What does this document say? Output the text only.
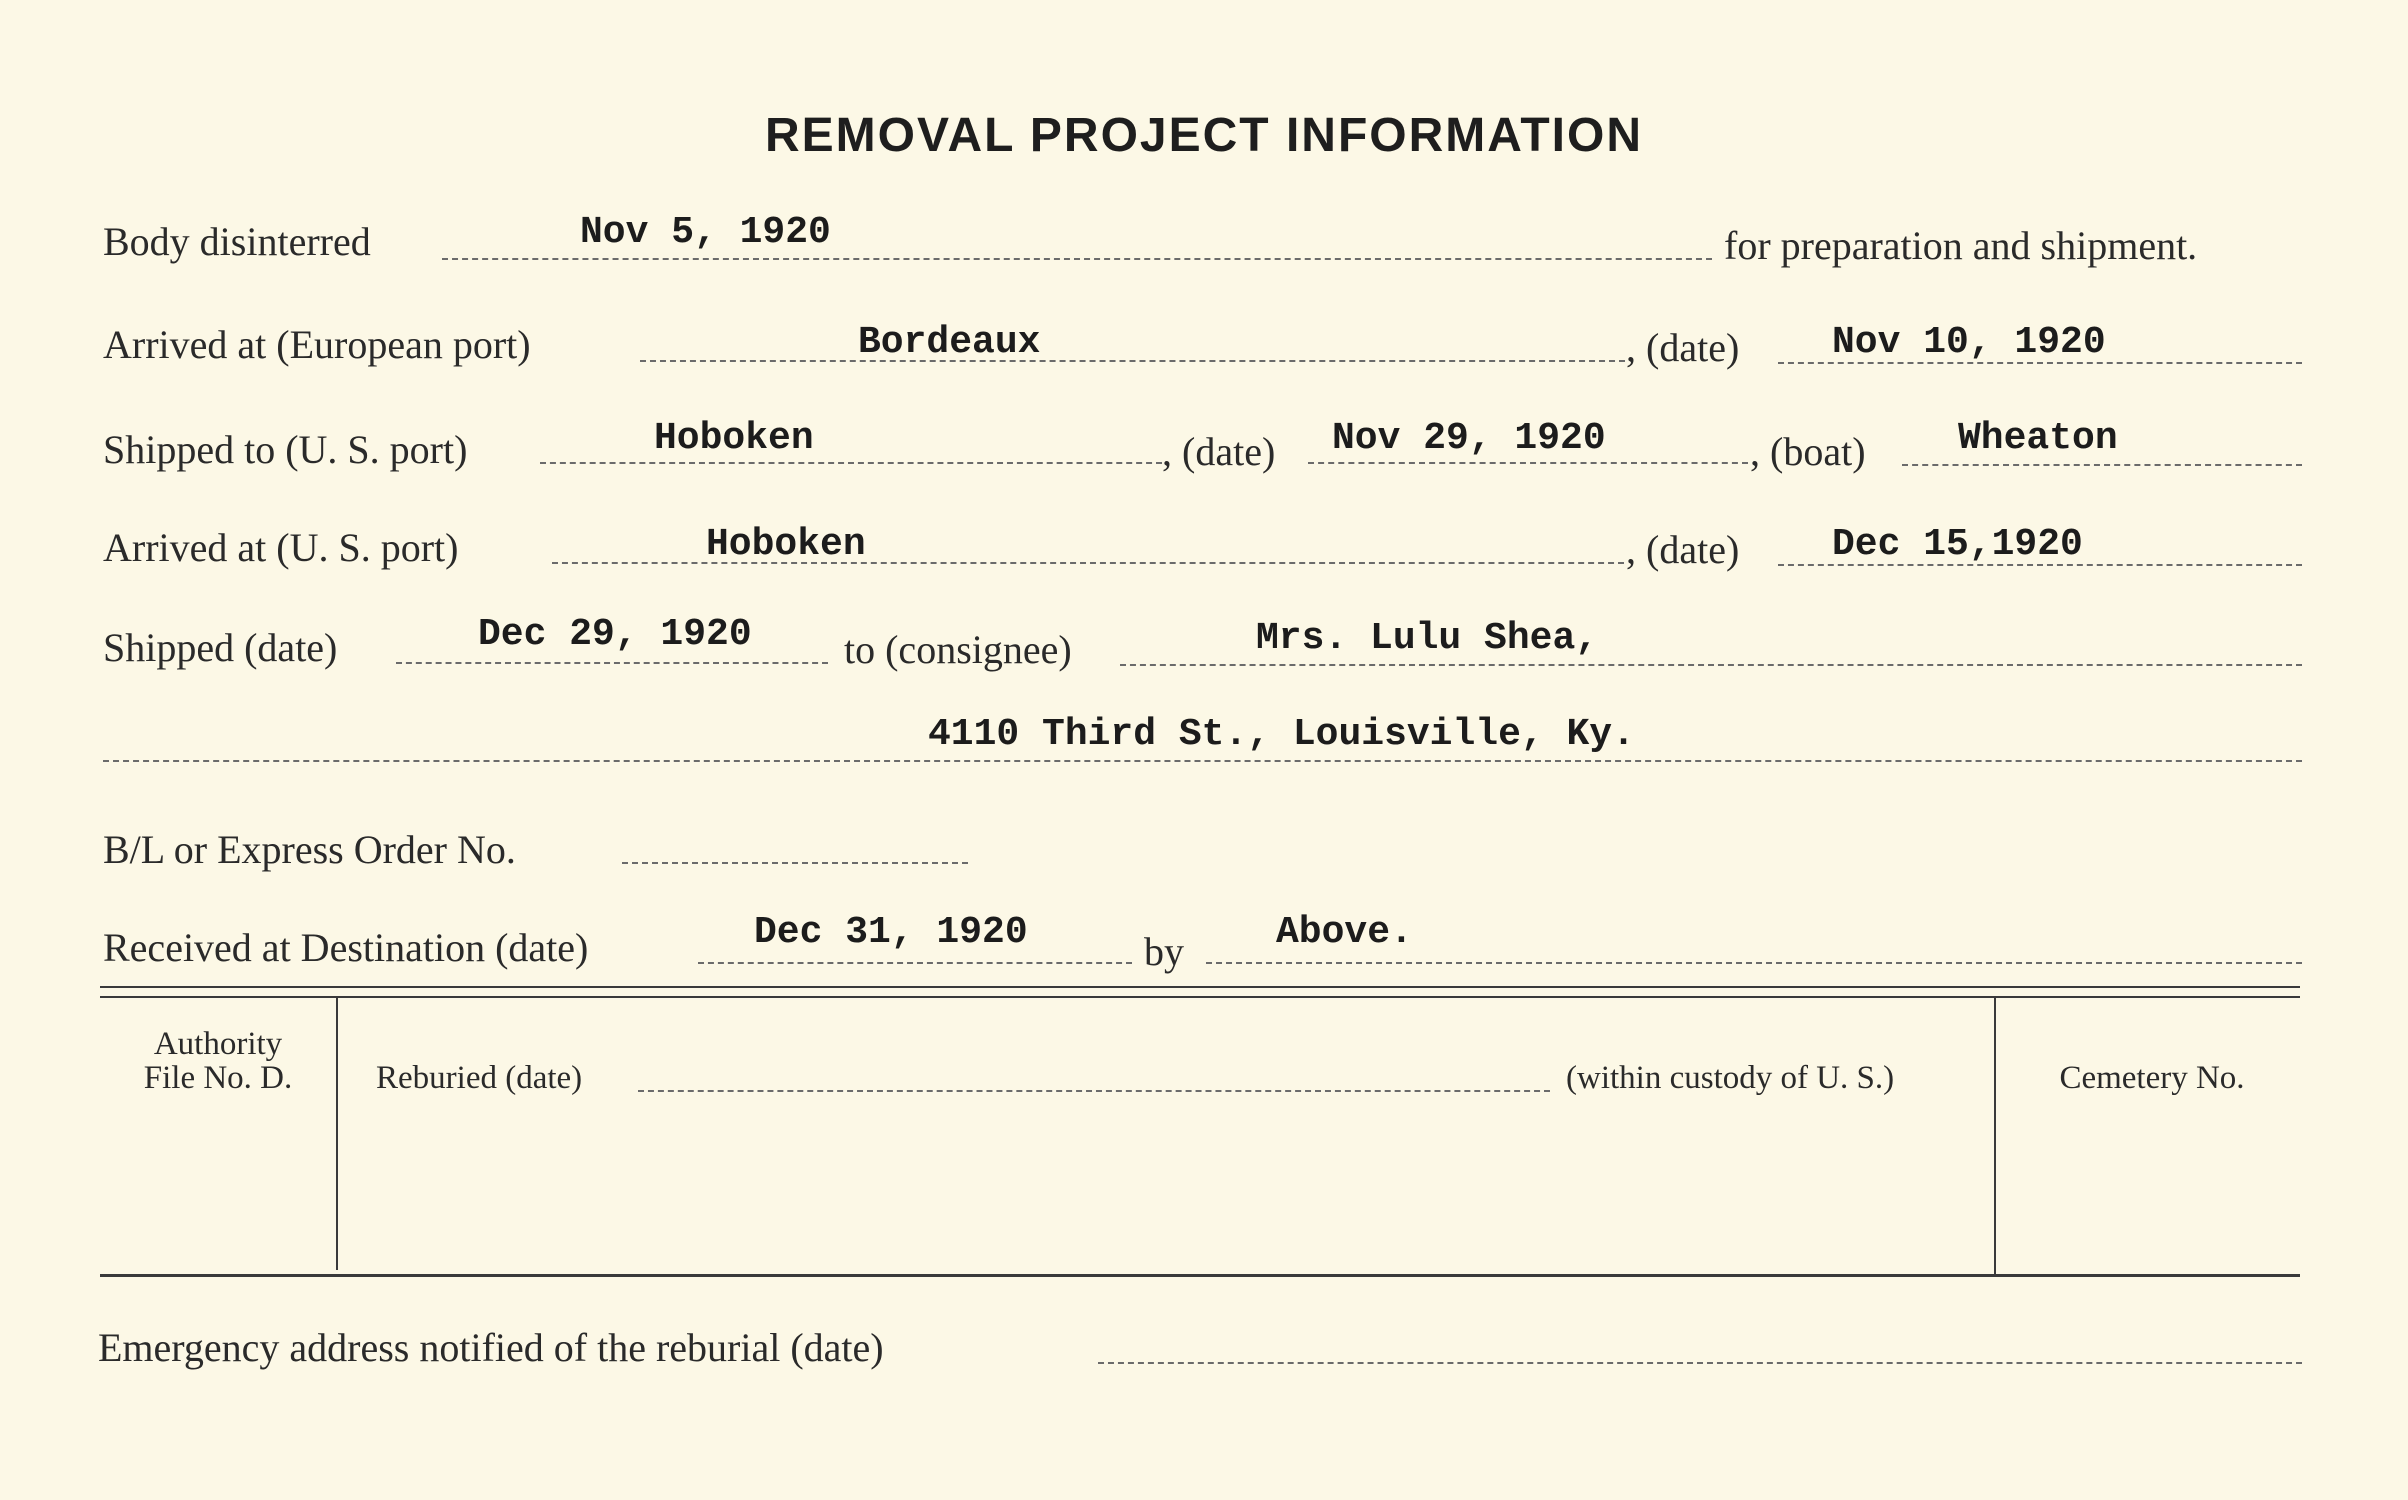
REMOVAL PROJECT INFORMATION
Body disinterred	Nov 5, 1920	for preparation and shipment.
Arrived at (European port)	Bordeaux	, (date) Nov 10, 1920
Shipped to (U. S. port)	Hoboken	, (date) Nov 29, 1920	, (boat) Wheaton
Arrived at (U. S. port)	Hoboken	, (date) Dec 15,1920
Shipped (date)	Dec 29, 1920 to (consignee)	Mrs. Lulu Shea,
4110 Third St., Louisville, Ky.
B/L or Express Order No.
Received at Destination (date)	Dec 31, 1920	by Above.
Authority
File No. D.	Reburied (date)	(within custody of U. S.)	Cemetery No.
Emergency address notified of the reburial (date)
